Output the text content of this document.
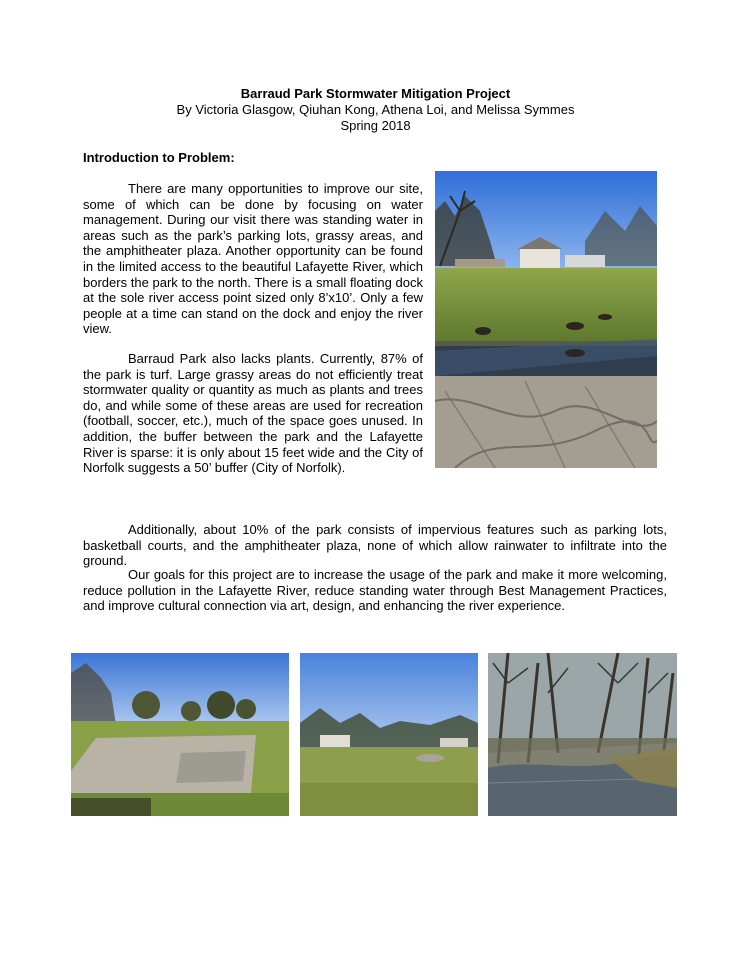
Barraud Park Stormwater Mitigation Project
By Victoria Glasgow, Qiuhan Kong, Athena Loi, and Melissa Symmes
Spring 2018
Introduction to Problem:

There are many opportunities to improve our site, some of which can be done by focusing on water management. During our visit there was standing water in areas such as the park’s parking lots, grassy areas, and the amphitheater plaza. Another opportunity can be found in the limited access to the beautiful Lafayette River, which borders the park to the north. There is a small floating dock at the sole river access point sized only 8’x10’. Only a few people at a time can stand on the dock and enjoy the river view.

Barraud Park also lacks plants. Currently, 87% of the park is turf. Large grassy areas do not efficiently treat stormwater quality or quantity as much as plants and trees do, and while some of these areas are used for recreation (football, soccer, etc.), much of the space goes unused. In addition, the buffer between the park and the Lafayette River is sparse: it is only about 15 feet wide and the City of Norfolk suggests a 50’ buffer (City of Norfolk).

Additionally, about 10% of the park consists of impervious features such as parking lots, basketball courts, and the amphitheater plaza, none of which allow rainwater to infiltrate into the ground.

Our goals for this project are to increase the usage of the park and make it more welcoming, reduce pollution in the Lafayette River, reduce standing water through Best Management Practices, and improve cultural connection via art, design, and enhancing the river experience.
